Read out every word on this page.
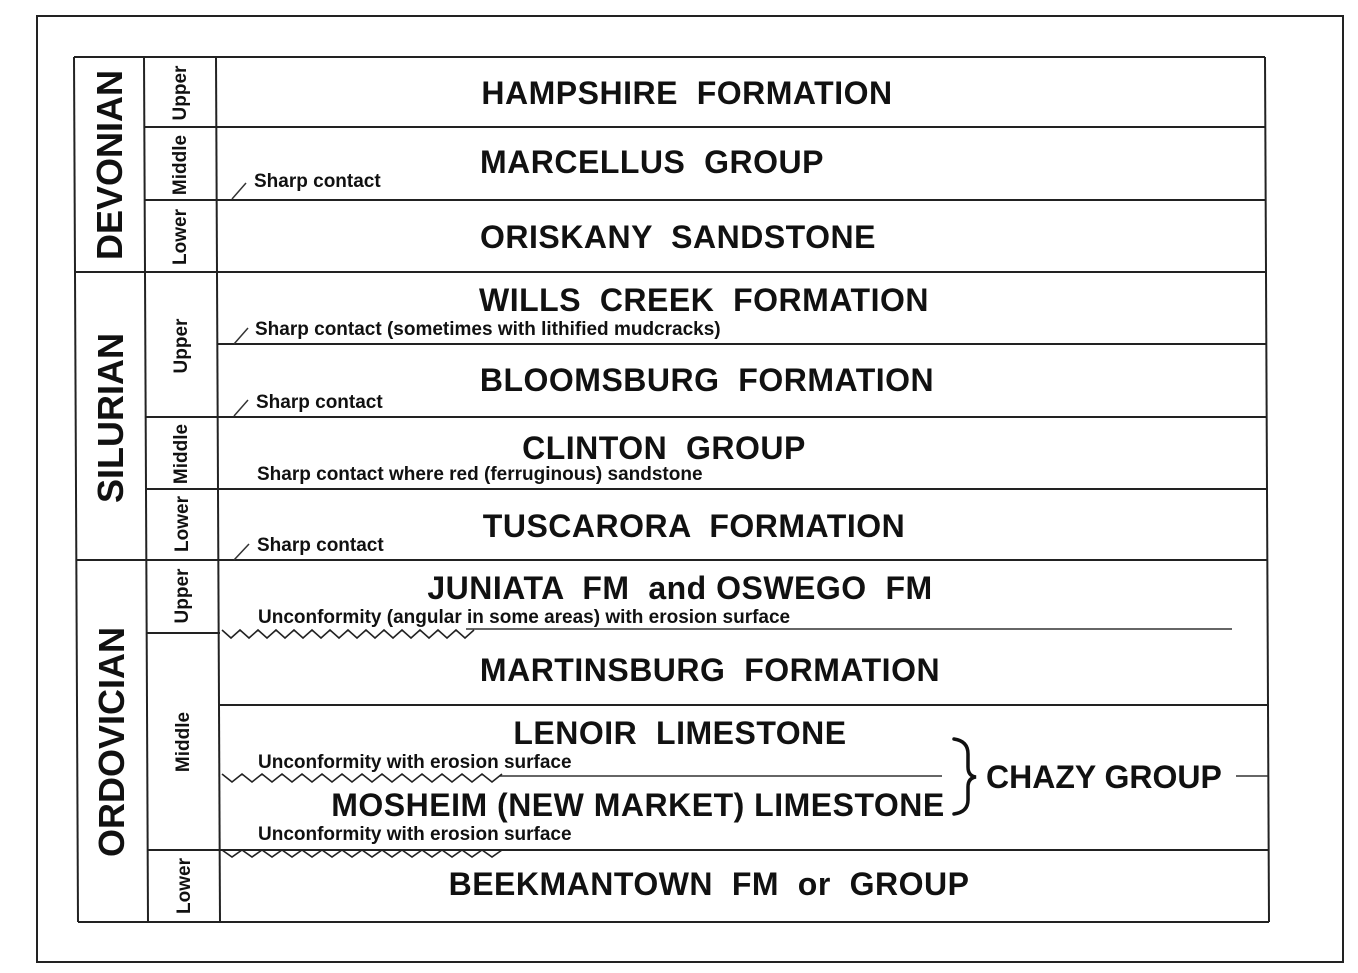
DEVONIAN
SILURIAN
ORDOVICIAN
Upper
Middle
Lower
Upper
Middle
Lower
Upper
Middle
Lower
HAMPSHIRE  FORMATION
MARCELLUS  GROUP
ORISKANY  SANDSTONE
WILLS  CREEK  FORMATION
BLOOMSBURG  FORMATION
CLINTON  GROUP
TUSCARORA  FORMATION
JUNIATA  FM  and OSWEGO  FM
MARTINSBURG  FORMATION
LENOIR  LIMESTONE
MOSHEIM (NEW MARKET) LIMESTONE
BEEKMANTOWN  FM  or  GROUP
Sharp contact
Sharp contact (sometimes with lithified mudcracks)
Sharp contact
Sharp contact where red (ferruginous) sandstone
Sharp contact
Unconformity (angular in some areas) with erosion surface
Unconformity with erosion surface
Unconformity with erosion surface
CHAZY GROUP
